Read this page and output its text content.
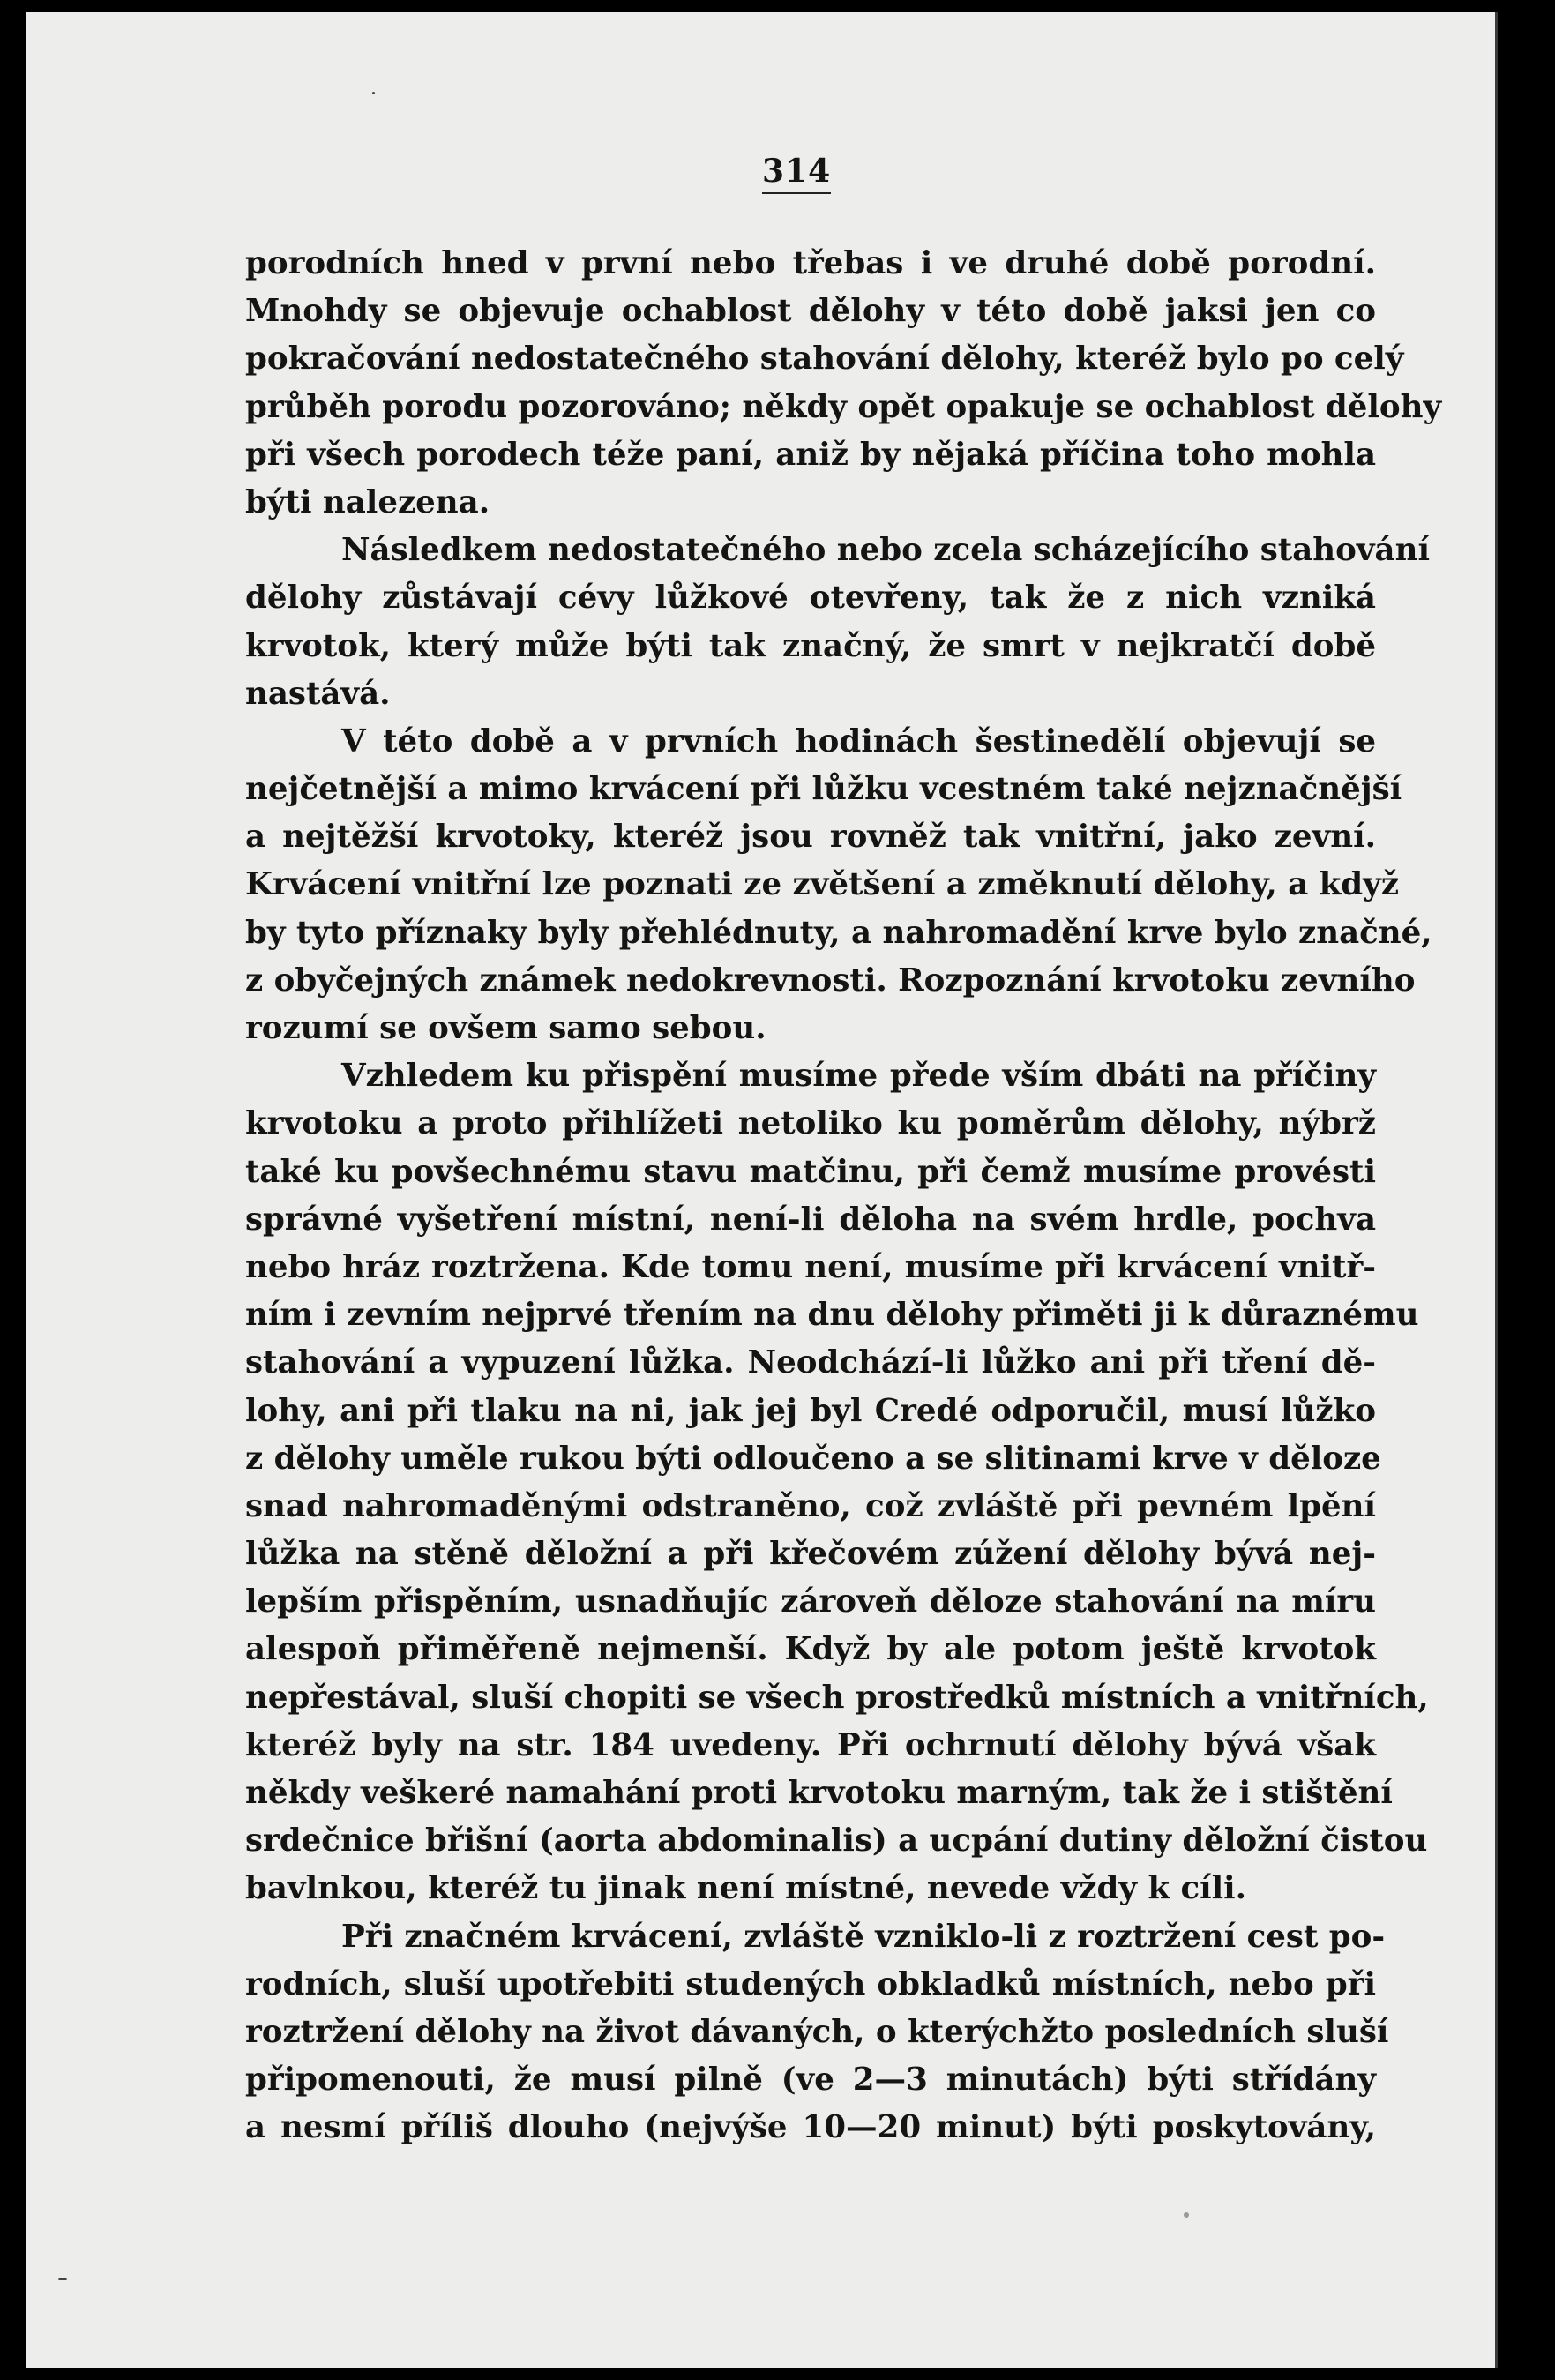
314
porodních hned v první nebo třebas i ve druhé době porodní.
Mnohdy se objevuje ochablost dělohy v této době jaksi jen co
pokračování nedostatečného stahování dělohy, kteréž bylo po celý
průběh porodu pozorováno; někdy opět opakuje se ochablost dělohy
při všech porodech téže paní, aniž by nějaká příčina toho mohla
býti nalezena.
Následkem nedostatečného nebo zcela scházejícího stahování
dělohy zůstávají cévy lůžkové otevřeny, tak že z nich vzniká
krvotok, který může býti tak značný, že smrt v nejkratčí době
nastává.
V této době a v prvních hodinách šestinedělí objevují se
nejčetnější a mimo krvácení při lůžku vcestném také nejznačnější
a nejtěžší krvotoky, kteréž jsou rovněž tak vnitřní, jako zevní.
Krvácení vnitřní lze poznati ze zvětšení a změknutí dělohy, a když
by tyto příznaky byly přehlédnuty, a nahromadění krve bylo značné,
z obyčejných známek nedokrevnosti. Rozpoznání krvotoku zevního
rozumí se ovšem samo sebou.
Vzhledem ku přispění musíme přede vším dbáti na příčiny
krvotoku a proto přihlížeti netoliko ku poměrům dělohy, nýbrž
také ku povšechnému stavu matčinu, při čemž musíme provésti
správné vyšetření místní, není-li děloha na svém hrdle, pochva
nebo hráz roztržena. Kde tomu není, musíme při krvácení vnitř-
ním i zevním nejprvé třením na dnu dělohy přiměti ji k důraznému
stahování a vypuzení lůžka. Neodchází-li lůžko ani při tření dě-
lohy, ani při tlaku na ni, jak jej byl Credé odporučil, musí lůžko
z dělohy uměle rukou býti odloučeno a se slitinami krve v děloze
snad nahromaděnými odstraněno, což zvláště při pevném lpění
lůžka na stěně děložní a při křečovém zúžení dělohy bývá nej-
lepším přispěním, usnadňujíc zároveň děloze stahování na míru
alespoň přiměřeně nejmenší. Když by ale potom ještě krvotok
nepřestával, sluší chopiti se všech prostředků místních a vnitřních,
kteréž byly na str. 184 uvedeny. Při ochrnutí dělohy bývá však
někdy veškeré namahání proti krvotoku marným, tak že i stištění
srdečnice břišní (aorta abdominalis) a ucpání dutiny děložní čistou
bavlnkou, kteréž tu jinak není místné, nevede vždy k cíli.
Při značném krvácení, zvláště vzniklo-li z roztržení cest po-
rodních, sluší upotřebiti studených obkladků místních, nebo při
roztržení dělohy na život dávaných, o kterýchžto posledních sluší
připomenouti, že musí pilně (ve 2—3 minutách) býti střídány
a nesmí příliš dlouho (nejvýše 10—20 minut) býti poskytovány,
